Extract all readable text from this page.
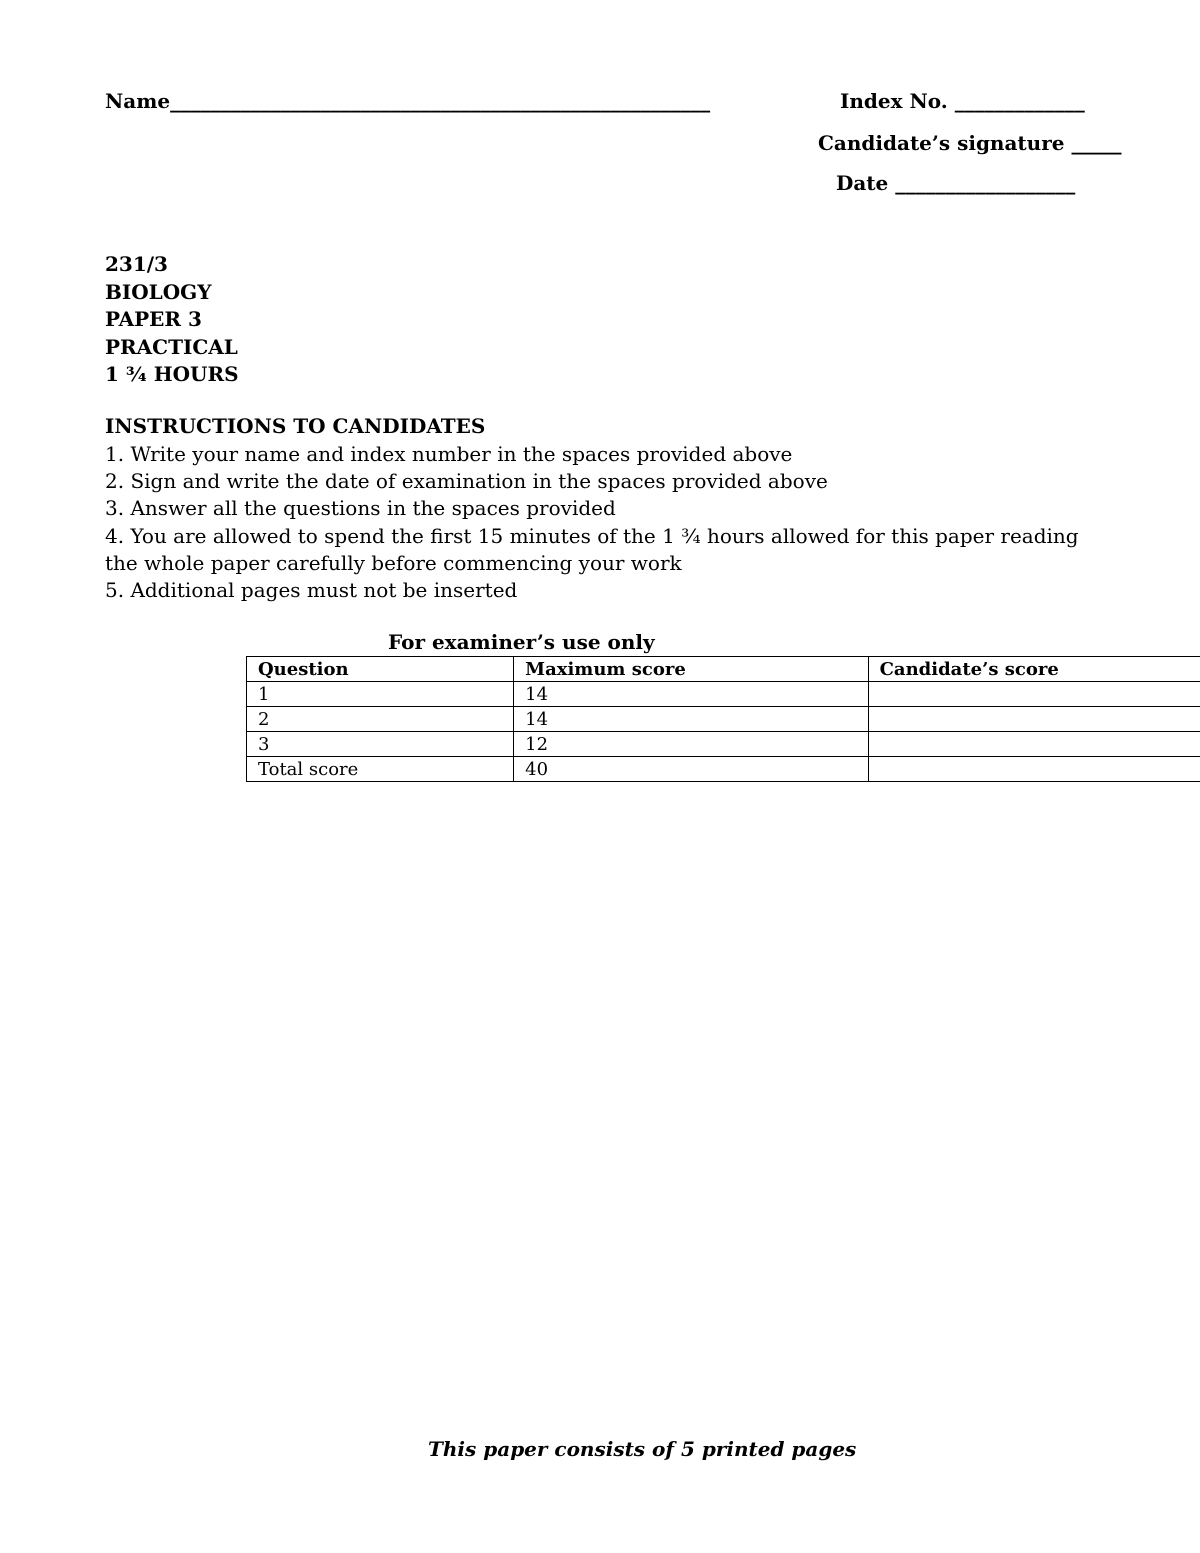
Name______________________________________________________	Index No. _____________
Candidate’s signature _____
Date __________________
231/3
BIOLOGY
PAPER 3
PRACTICAL
1 ¾ HOURS
INSTRUCTIONS TO CANDIDATES
1. Write your name and index number in the spaces provided above
2. Sign and write the date of examination in the spaces provided above
3. Answer all the questions in the spaces provided
4. You are allowed to spend the first 15 minutes of the 1 ¾ hours allowed for this paper reading the whole paper carefully before commencing your work
5. Additional pages must not be inserted
For examiner’s use only
Question	Maximum score	Candidate’s score
1	14	
2	14	
3	12	
Total score	40	
This paper consists of 5 printed pages
